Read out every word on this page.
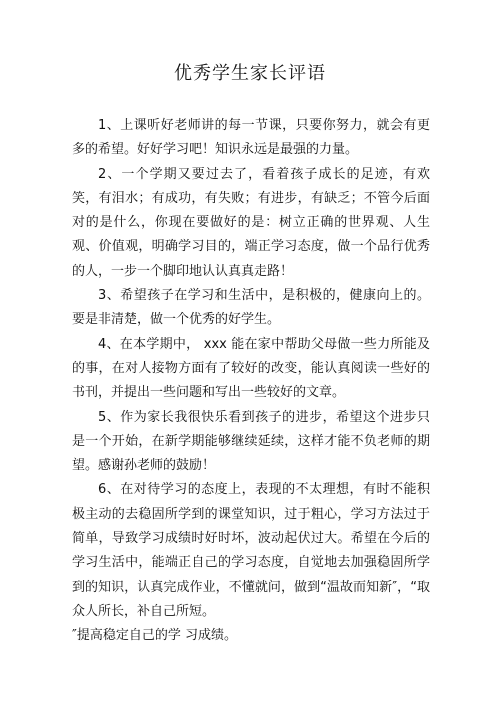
优秀学生家长评语

1、上课听好老师讲的每一节课，只要你努力，就会有更多的希望。好好学习吧！知识永远是最强的力量。

2、一个学期又要过去了，看着孩子成长的足迹，有欢笑，有泪水；有成功，有失败；有进步，有缺乏；不管今后面对的是什么，你现在要做好的是：树立正确的世界观、人生观、价值观，明确学习目的，端正学习态度，做一个品行优秀的人，一步一个脚印地认认真真走路！

3、希望孩子在学习和生活中，是积极的，健康向上的。要是非清楚，做一个优秀的好学生。

4、在本学期中， xxx 能在家中帮助父母做一些力所能及的事，在对人接物方面有了较好的改变，能认真阅读一些好的书刊，并提出一些问题和写出一些较好的文章。

5、作为家长我很快乐看到孩子的进步，希望这个进步只是一个开始，在新学期能够继续延续，这样才能不负老师的期望。感谢孙老师的鼓励！

6、在对待学习的态度上，表现的不太理想，有时不能积极主动的去稳固所学到的课堂知识，过于粗心，学习方法过于简单，导致学习成绩时好时坏，波动起伏过大。希望在今后的学习生活中，能端正自己的学习态度，自觉地去加强稳固所学到的知识，认真完成作业，不懂就问，做到“温故而知新″，“取众人所长，补自己所短。

″提高稳定自己的学 习成绩。
